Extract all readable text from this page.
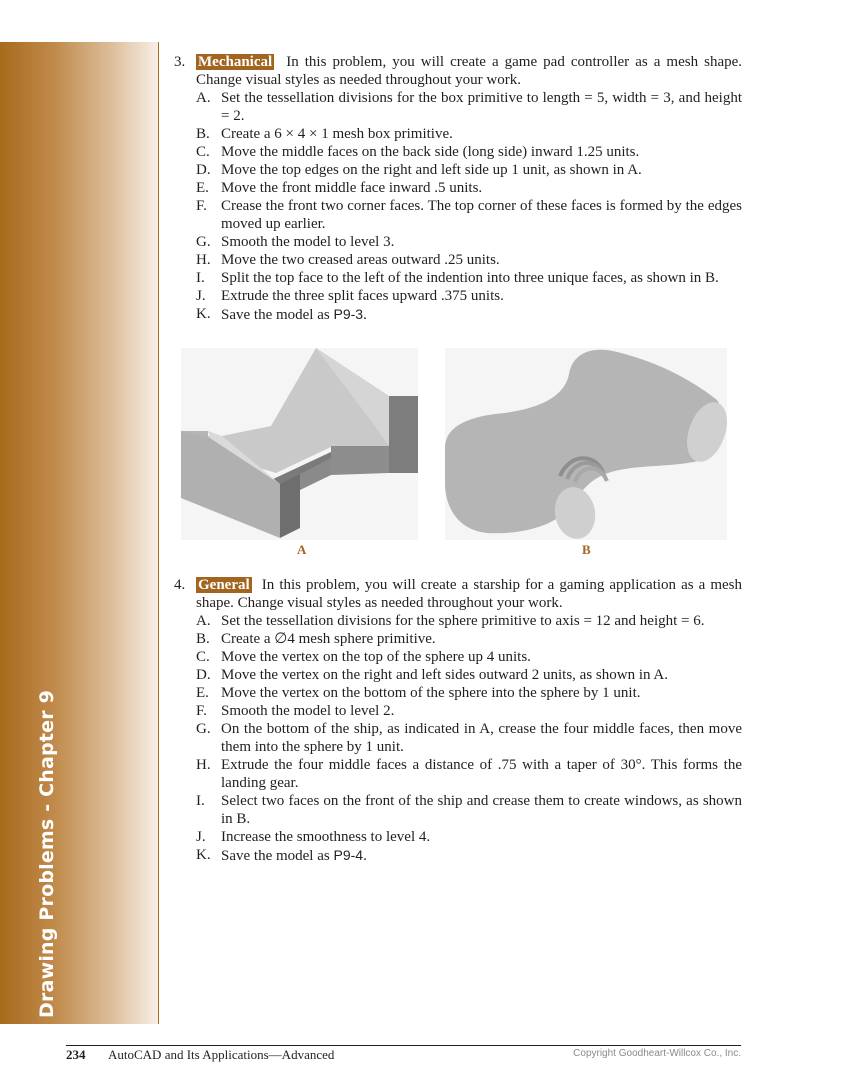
Drawing Problems - Chapter 9
3. Mechanical In this problem, you will create a game pad controller as a mesh shape. Change visual styles as needed throughout your work.
A. Set the tessellation divisions for the box primitive to length = 5, width = 3, and height = 2.
B. Create a 6 × 4 × 1 mesh box primitive.
C. Move the middle faces on the back side (long side) inward 1.25 units.
D. Move the top edges on the right and left side up 1 unit, as shown in A.
E. Move the front middle face inward .5 units.
F. Crease the front two corner faces. The top corner of these faces is formed by the edges moved up earlier.
G. Smooth the model to level 3.
H. Move the two creased areas outward .25 units.
I. Split the top face to the left of the indention into three unique faces, as shown in B.
J. Extrude the three split faces upward .375 units.
K. Save the model as P9-3.
A	B
4. General In this problem, you will create a starship for a gaming application as a mesh shape. Change visual styles as needed throughout your work.
A. Set the tessellation divisions for the sphere primitive to axis = 12 and height = 6.
B. Create a ∅4 mesh sphere primitive.
C. Move the vertex on the top of the sphere up 4 units.
D. Move the vertex on the right and left sides outward 2 units, as shown in A.
E. Move the vertex on the bottom of the sphere into the sphere by 1 unit.
F. Smooth the model to level 2.
G. On the bottom of the ship, as indicated in A, crease the four middle faces, then move them into the sphere by 1 unit.
H. Extrude the four middle faces a distance of .75 with a taper of 30°. This forms the landing gear.
I. Select two faces on the front of the ship and crease them to create windows, as shown in B.
J. Increase the smoothness to level 4.
K. Save the model as P9-4.
234 AutoCAD and Its Applications—Advanced	Copyright Goodheart-Willcox Co., Inc.
